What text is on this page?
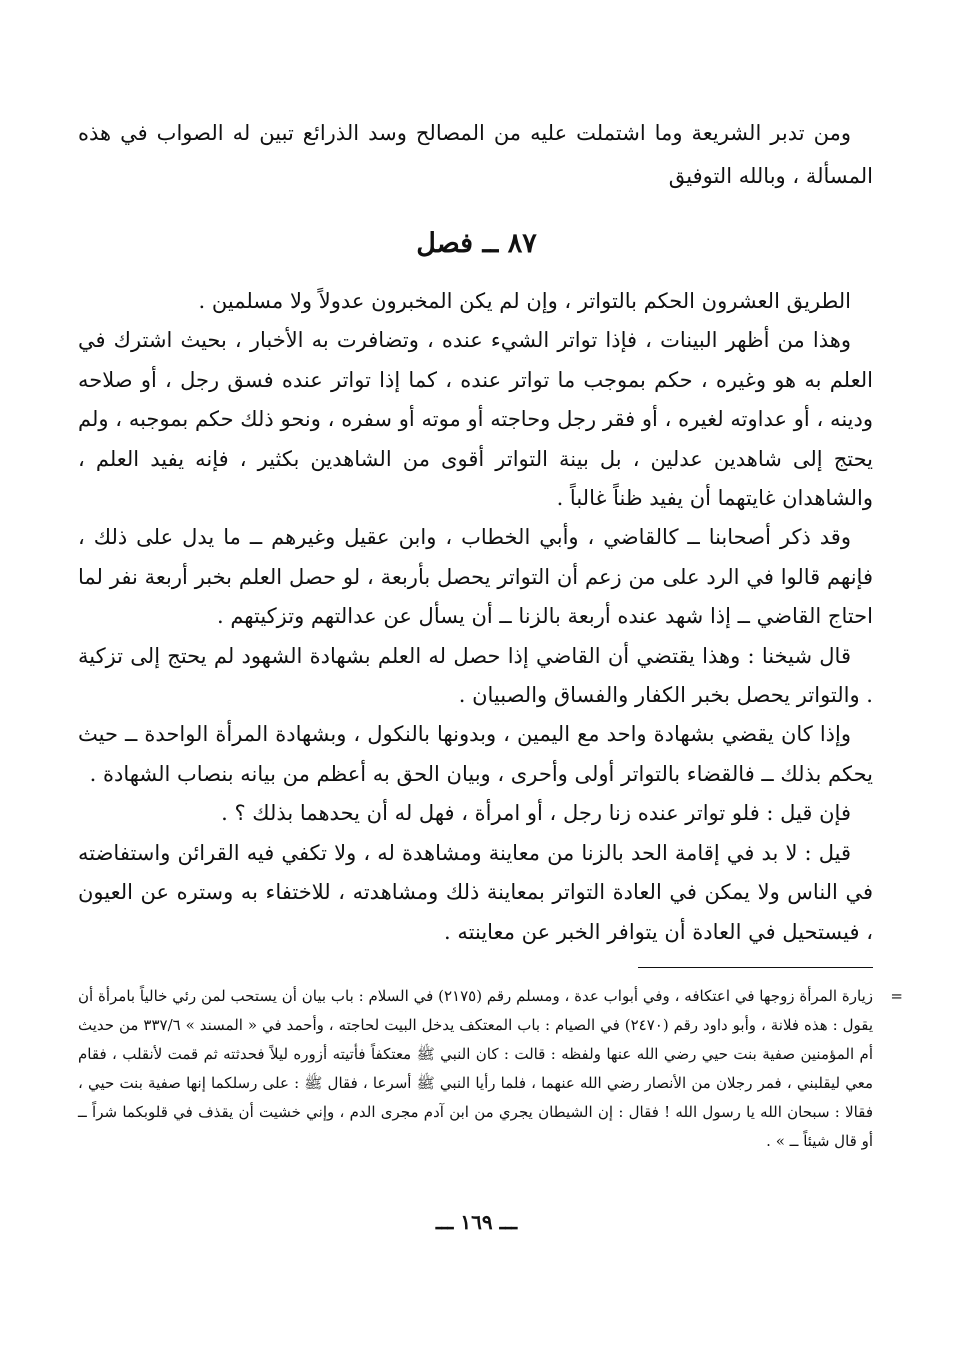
ومن تدبر الشريعة وما اشتملت عليه من المصالح وسد الذرائع تبين له الصواب في هذه المسألة ، وبالله التوفيق

٨٧ ــ فصل

الطريق العشرون الحكم بالتواتر ، وإن لم يكن المخبرون عدولاً ولا مسلمين .

وهذا من أظهر البينات ، فإذا تواتر الشيء عنده ، وتضافرت به الأخبار ، بحيث اشترك في العلم به هو وغيره ، حكم بموجب ما تواتر عنده ، كما إذا تواتر عنده فسق رجل ، أو صلاحه ودينه ، أو عداوته لغيره ، أو فقر رجل وحاجته أو موته أو سفره ، ونحو ذلك حكم بموجبه ، ولم يحتج إلى شاهدين عدلين ، بل بينة التواتر أقوى من الشاهدين بكثير ، فإنه يفيد العلم ، والشاهدان غايتهما أن يفيد ظناً غالباً .

وقد ذكر أصحابنا ــ كالقاضي ، وأبي الخطاب ، وابن عقيل وغيرهم ــ ما يدل على ذلك ، فإنهم قالوا في الرد على من زعم أن التواتر يحصل بأربعة ، لو حصل العلم بخبر أربعة نفر لما احتاج القاضي ــ إذا شهد عنده أربعة بالزنا ــ أن يسأل عن عدالتهم وتزكيتهم .

قال شيخنا : وهذا يقتضي أن القاضي إذا حصل له العلم بشهادة الشهود لم يحتج إلى تزكية . والتواتر يحصل بخبر الكفار والفساق والصبيان .

وإذا كان يقضي بشهادة واحد مع اليمين ، وبدونها بالنكول ، وبشهادة المرأة الواحدة ــ حيث يحكم بذلك ــ فالقضاء بالتواتر أولى وأحرى ، وبيان الحق به أعظم من بيانه بنصاب الشهادة .

فإن قيل : فلو تواتر عنده زنا رجل ، أو امرأة ، فهل له أن يحدهما بذلك ؟ .

قيل : لا بد في إقامة الحد بالزنا من معاينة ومشاهدة له ، ولا تكفي فيه القرائن واستفاضته في الناس ولا يمكن في العادة التواتر بمعاينة ذلك ومشاهدته ، للاختفاء به وستره عن العيون ، فيستحيل في العادة أن يتوافر الخبر عن معاينته .

=زيارة المرأة زوجها في اعتكافه ، وفي أبواب عدة ، ومسلم رقم (٢١٧٥) في السلام : باب بيان أن يستحب لمن رئي خالياً بامرأة أن يقول : هذه فلانة ، وأبو داود رقم (٢٤٧٠) في الصيام : باب المعتكف يدخل البيت لحاجته ، وأحمد في « المسند » ٣٣٧/٦ من حديث أم المؤمنين صفية بنت حيي رضي الله عنها ولفظه : قالت : كان النبي ﷺ معتكفاً فأتيته أزوره ليلاً فحدثته ثم قمت لأنقلب ، فقام معي ليقلبني ، فمر رجلان من الأنصار رضي الله عنهما ، فلما رأيا النبي ﷺ أسرعا ، فقال ﷺ : على رسلكما إنها صفية بنت حيي ، فقالا : سبحان الله يا رسول الله ! فقال : إن الشيطان يجري من ابن آدم مجرى الدم ، وإني خشيت أن يقذف في قلوبكما شراً ــ أو قال شيئاً ــ » .

ـــ ١٦٩ ـــ
